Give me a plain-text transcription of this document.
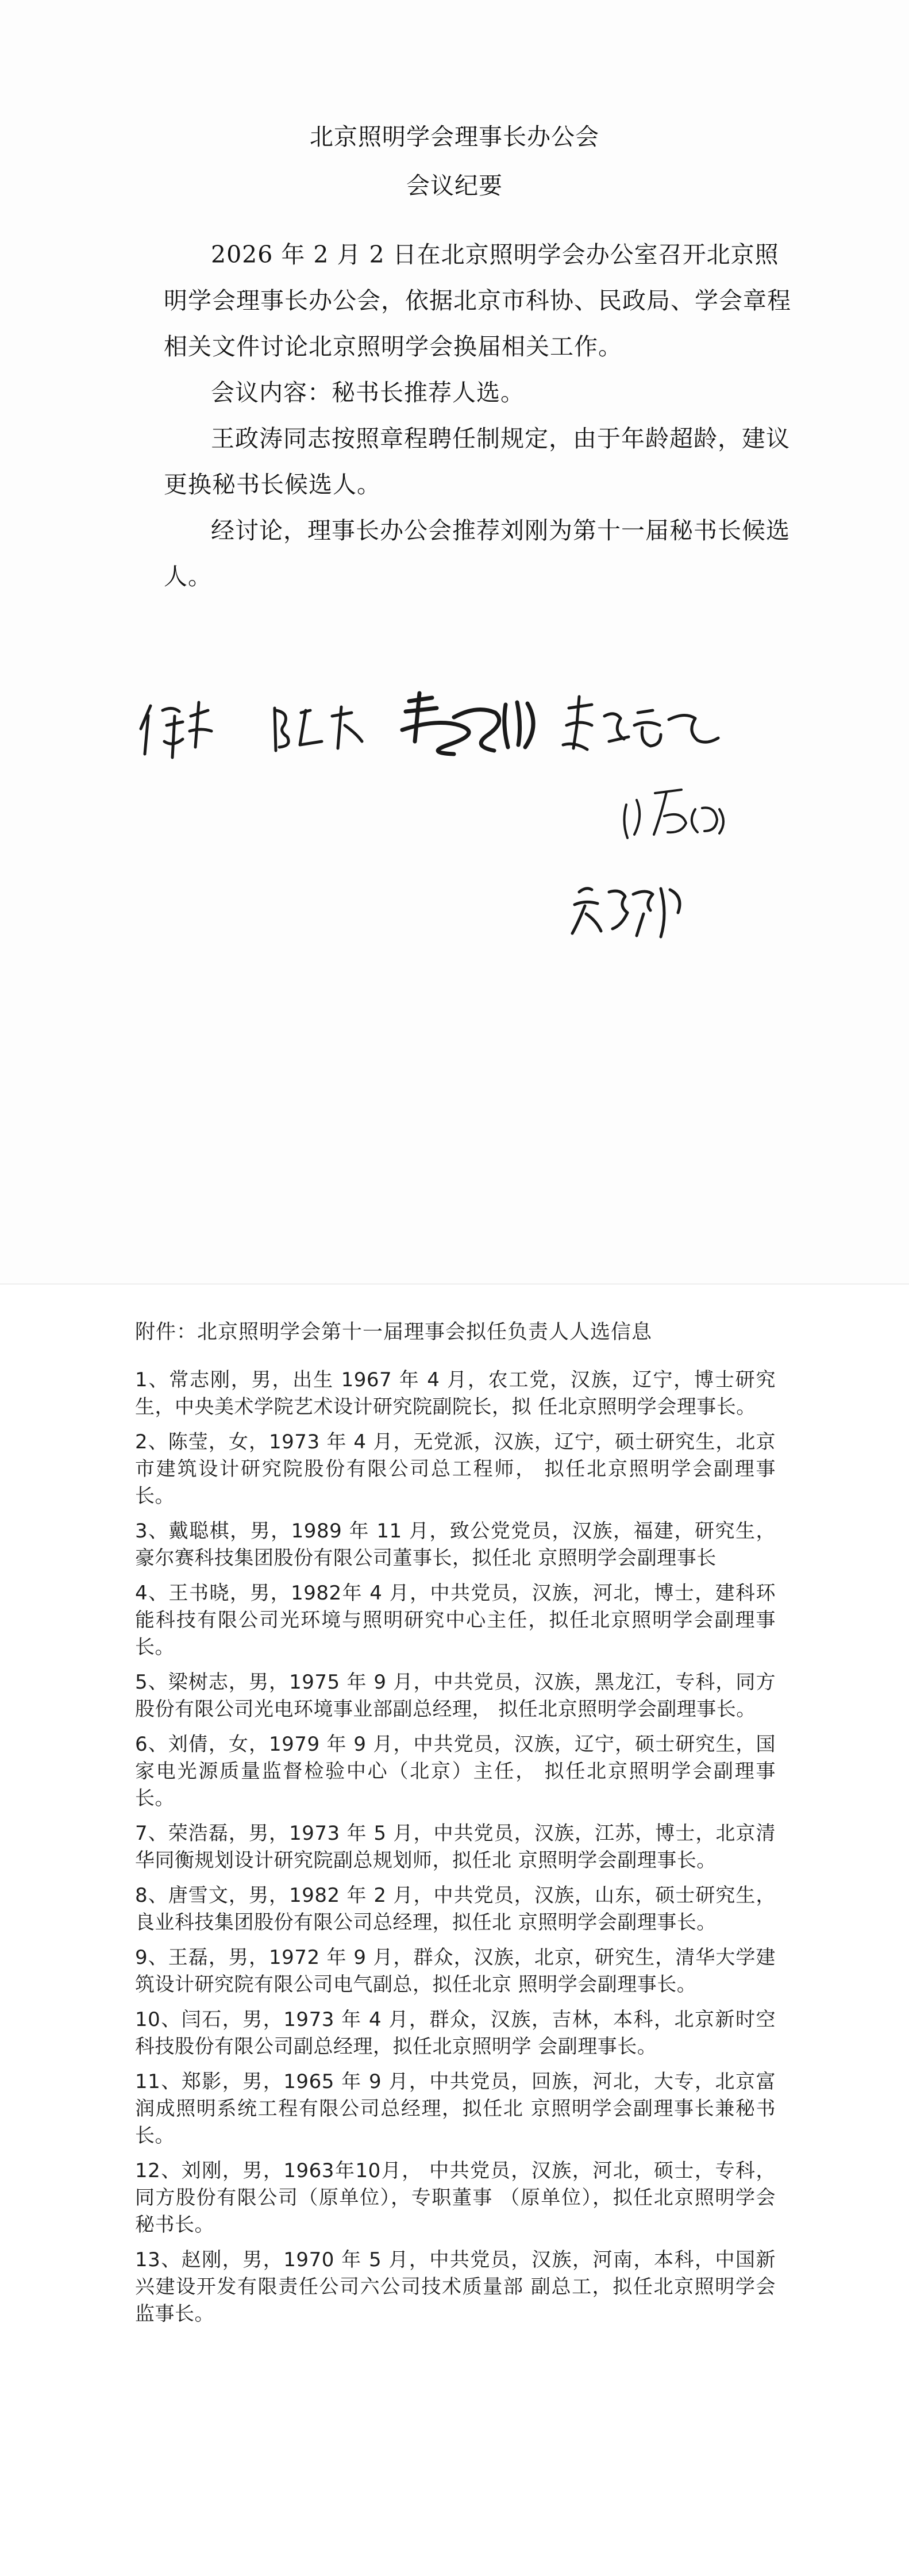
北京照明学会理事长办公会
会议纪要

2026 年 2 月 2 日在北京照明学会办公室召开北京照明学会理事长办公会，依据北京市科协、民政局、学会章程相关文件讨论北京照明学会换届相关工作。

会议内容：秘书长推荐人选。

王政涛同志按照章程聘任制规定，由于年龄超龄，建议更换秘书长候选人。

经讨论，理事长办公会推荐刘刚为第十一届秘书长候选人。

附件：北京照明学会第十一届理事会拟任负责人人选信息
1、常志刚，男，出生 1967 年 4 月，农工党，汉族，辽宁，博士研究生，中央美术学院艺术设计研究院副院长，拟 任北京照明学会理事长。
2、陈莹，女，1973 年 4 月，无党派，汉族，辽宁，硕士研究生，北京市建筑设计研究院股份有限公司总工程师， 拟任北京照明学会副理事长。
3、戴聪棋，男，1989 年 11 月，致公党党员，汉族，福建，研究生，豪尔赛科技集团股份有限公司董事长，拟任北 京照明学会副理事长
4、王书晓，男，1982年 4 月，中共党员，汉族，河北，博士，建科环能科技有限公司光环境与照明研究中心主任，拟任北京照明学会副理事长。
5、梁树志，男，1975 年 9 月，中共党员，汉族，黑龙江，专科，同方股份有限公司光电环境事业部副总经理， 拟任北京照明学会副理事长。
6、刘倩，女，1979 年 9 月，中共党员，汉族，辽宁，硕士研究生，国家电光源质量监督检验中心（北京）主任， 拟任北京照明学会副理事长。
7、荣浩磊，男，1973 年 5 月，中共党员，汉族，江苏，博士，北京清华同衡规划设计研究院副总规划师，拟任北 京照明学会副理事长。
8、唐雪文，男，1982 年 2 月，中共党员，汉族，山东，硕士研究生，良业科技集团股份有限公司总经理，拟任北 京照明学会副理事长。
9、王磊，男，1972 年 9 月，群众，汉族，北京，研究生，清华大学建筑设计研究院有限公司电气副总，拟任北京 照明学会副理事长。
10、闫石，男，1973 年 4 月，群众，汉族，吉林，本科，北京新时空科技股份有限公司副总经理，拟任北京照明学 会副理事长。
11、郑影，男，1965 年 9 月，中共党员，回族，河北，大专，北京富润成照明系统工程有限公司总经理，拟任北 京照明学会副理事长兼秘书长。
12、刘刚，男，1963年10月， 中共党员，汉族，河北，硕士，专科，同方股份有限公司（原单位），专职董事 （原单位），拟任北京照明学会秘书长。
13、赵刚，男，1970 年 5 月，中共党员，汉族，河南，本科，中国新兴建设开发有限责任公司六公司技术质量部 副总工，拟任北京照明学会监事长。
